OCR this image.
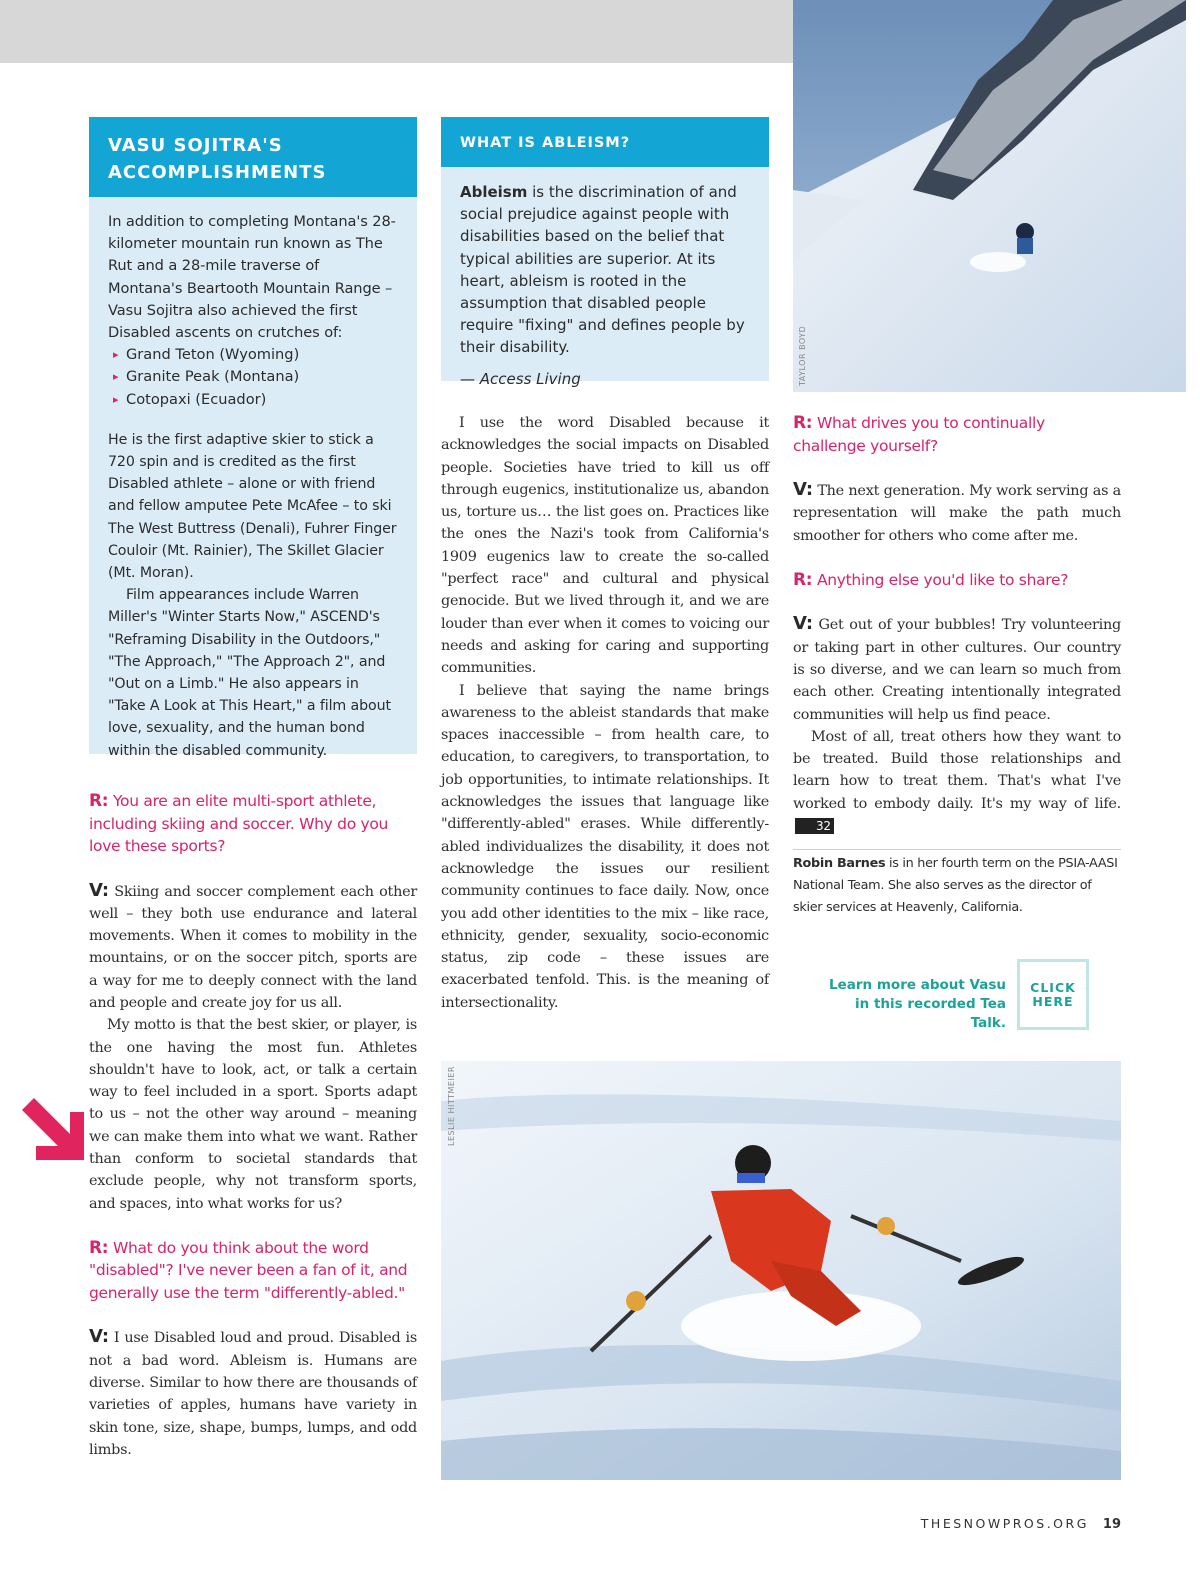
TAYLOR BOYD
VASU SOJITRA'S ACCOMPLISHMENTS

In addition to completing Montana's 28-kilometer mountain run known as The Rut and a 28-mile traverse of Montana's Beartooth Mountain Range – Vasu Sojitra also achieved the first Disabled ascents on crutches of:

▸ Grand Teton (Wyoming)
▸ Granite Peak (Montana)
▸ Cotopaxi (Ecuador)

He is the first adaptive skier to stick a 720 spin and is credited as the first Disabled athlete – alone or with friend and fellow amputee Pete McAfee – to ski The West Buttress (Denali), Fuhrer Finger Couloir (Mt. Rainier), The Skillet Glacier (Mt. Moran).

Film appearances include Warren Miller's "Winter Starts Now," ASCEND's "Reframing Disability in the Outdoors," "The Approach," "The Approach 2", and "Out on a Limb." He also appears in "Take A Look at This Heart," a film about love, sexuality, and the human bond within the disabled community.

WHAT IS ABLEISM?

Ableism is the discrimination of and social prejudice against people with disabilities based on the belief that typical abilities are superior. At its heart, ableism is rooted in the assumption that disabled people require "fixing" and defines people by their disability.

— Access Living

R: You are an elite multi-sport athlete, including skiing and soccer. Why do you love these sports?

V: Skiing and soccer complement each other well – they both use endurance and lateral movements. When it comes to mobility in the mountains, or on the soccer pitch, sports are a way for me to deeply connect with the land and people and create joy for us all.

My motto is that the best skier, or player, is the one having the most fun. Athletes shouldn't have to look, act, or talk a certain way to feel included in a sport. Sports adapt to us – not the other way around – meaning we can make them into what we want. Rather than conform to societal standards that exclude people, why not transform sports, and spaces, into what works for us?

R: What do you think about the word "disabled"? I've never been a fan of it, and generally use the term "differently-abled."

V: I use Disabled loud and proud. Disabled is not a bad word. Ableism is. Humans are diverse. Similar to how there are thousands of varieties of apples, humans have variety in skin tone, size, shape, bumps, lumps, and odd limbs.

I use the word Disabled because it acknowledges the social impacts on Disabled people. Societies have tried to kill us off through eugenics, institutionalize us, abandon us, torture us… the list goes on. Practices like the ones the Nazi's took from California's 1909 eugenics law to create the so-called "perfect race" and cultural and physical genocide. But we lived through it, and we are louder than ever when it comes to voicing our needs and asking for caring and supporting communities.

I believe that saying the name brings awareness to the ableist standards that make spaces inaccessible – from health care, to education, to caregivers, to transportation, to job opportunities, to intimate relationships. It acknowledges the issues that language like "differently-abled" erases. While differently-abled individualizes the disability, it does not acknowledge the issues our resilient community continues to face daily. Now, once you add other identities to the mix – like race, ethnicity, gender, sexuality, socio-economic status, zip code – these issues are exacerbated tenfold. This. is the meaning of intersectionality.

R: What drives you to continually challenge yourself?

V: The next generation. My work serving as a representation will make the path much smoother for others who come after me.

R: Anything else you'd like to share?

V: Get out of your bubbles! Try volunteering or taking part in other cultures. Our country is so diverse, and we can learn so much from each other. Creating intentionally integrated communities will help us find peace.

Most of all, treat others how they want to be treated. Build those relationships and learn how to treat them. That's what I've worked to embody daily. It's my way of life. 32

Robin Barnes is in her fourth term on the PSIA-AASI National Team. She also serves as the director of skier services at Heavenly, California.

Learn more about Vasu in this recorded Tea Talk.
CLICK HERE
LESLIE HITTMEIER
THESNOWPROS.ORG 19
